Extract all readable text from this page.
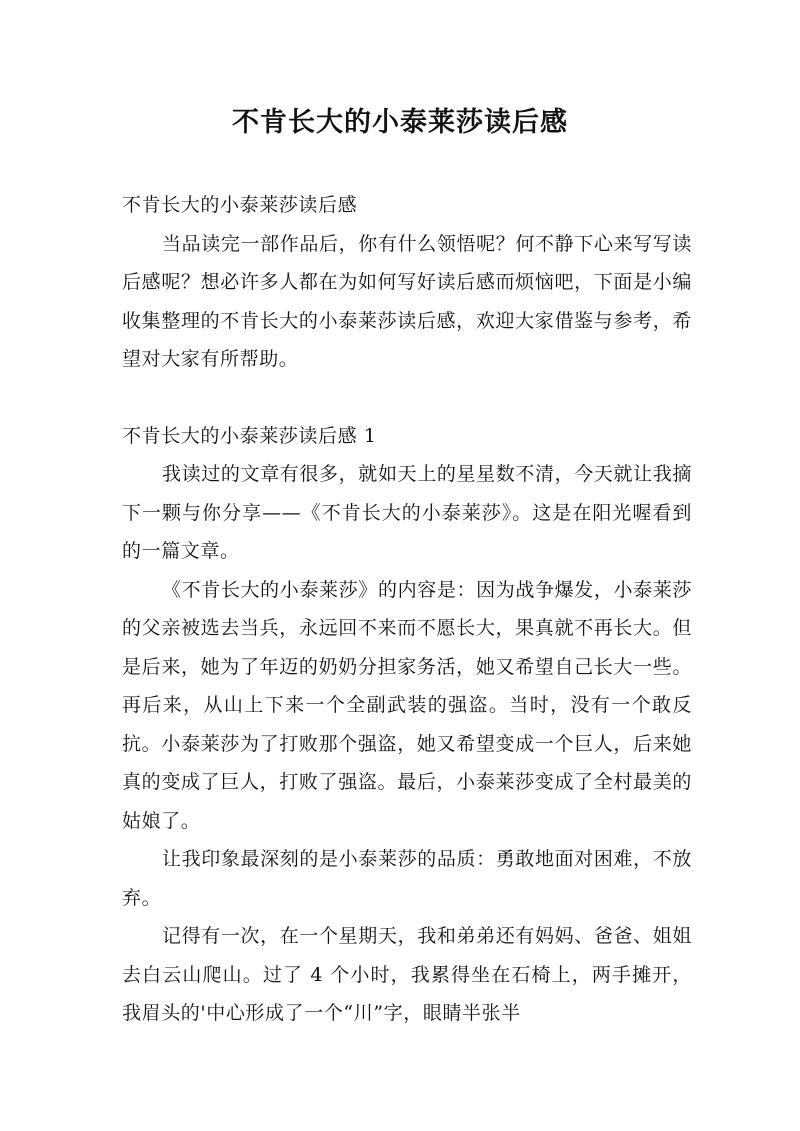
不肯长大的小泰莱莎读后感

不肯长大的小泰莱莎读后感

当品读完一部作品后，你有什么领悟呢？何不静下心来写写读后感呢？想必许多人都在为如何写好读后感而烦恼吧，下面是小编收集整理的不肯长大的小泰莱莎读后感，欢迎大家借鉴与参考，希望对大家有所帮助。

不肯长大的小泰莱莎读后感 1

我读过的文章有很多，就如天上的星星数不清，今天就让我摘下一颗与你分享——《不肯长大的小泰莱莎》。这是在阳光喔看到的一篇文章。

《不肯长大的小泰莱莎》的内容是：因为战争爆发，小泰莱莎的父亲被选去当兵，永远回不来而不愿长大，果真就不再长大。但是后来，她为了年迈的奶奶分担家务活，她又希望自己长大一些。再后来，从山上下来一个全副武装的强盗。当时，没有一个敢反抗。小泰莱莎为了打败那个强盗，她又希望变成一个巨人，后来她真的变成了巨人，打败了强盗。最后，小泰莱莎变成了全村最美的姑娘了。

让我印象最深刻的是小泰莱莎的品质：勇敢地面对困难，不放弃。

记得有一次，在一个星期天，我和弟弟还有妈妈、爸爸、姐姐去白云山爬山。过了 4 个小时，我累得坐在石椅上，两手摊开，我眉头的'中心形成了一个“川”字，眼睛半张半
